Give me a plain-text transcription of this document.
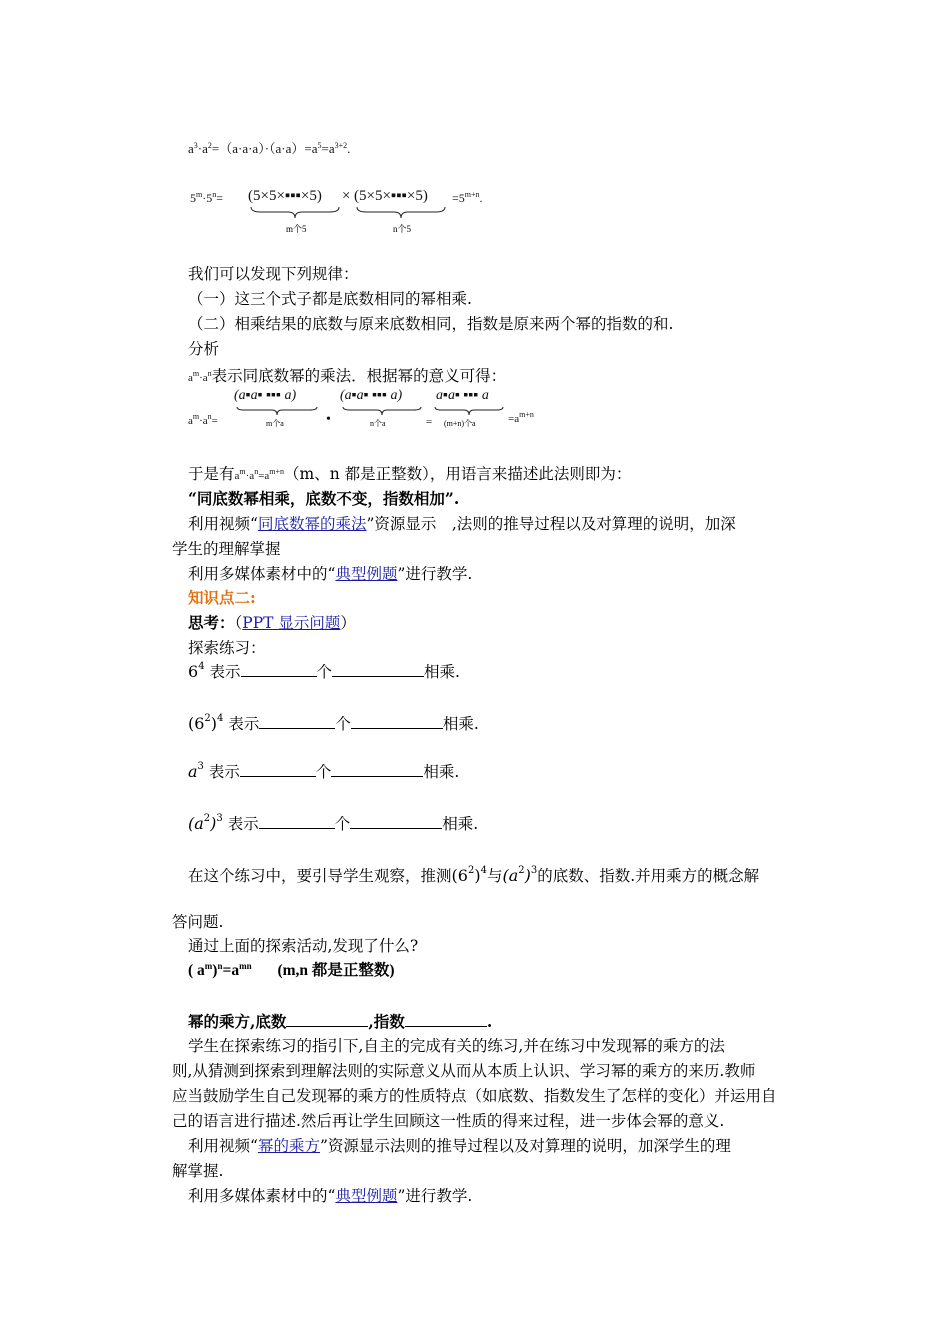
$a^3\cdot a^2=(a\cdot a\cdot a)\cdot(a\cdot a)=a^5=a^{3+2}$.
$5^m\cdot 5^n=$ (5×5×▪▪▪×5)
m个5
× (5×5×▪▪▪×5)
n个5
$=5^{m+n}$.
我们可以发现下列规律：
（一）这三个式子都是底数相同的幂相乘.
（二）相乘结果的底数与原来底数相同，指数是原来两个幂的指数的和.
分析
$a^m\cdot a^n$表示同底数幂的乘法．根据幂的意义可得：
$a^m\cdot a^n=$
(a▪a▪ ▪▪▪ a)
m个a	•
(a▪a▪ ▪▪▪ a)
n个a	=
a▪a▪ ▪▪▪ a
(m+n)个a	$=a^{m+n}$
于是有$a^m\cdot a^n=a^{m+n}(m$、n 都是正整数），用语言来描述此法则即为：
“同底数幂相乘，底数不变，指数相加”.
利用视频“同底数幂的乘法”资源显示　,法则的推导过程以及对算理的说明，加深
学生的理解掌握
利用多媒体素材中的“典型例题”进行教学.
知识点二:
思考：（PPT 显示问题）
探索练习：
$6^4$ 表示	个	相乘.
$(6^2)^4$ 表示	个	相乘.
$a^3$ 表示	个	相乘.
$(a^2)^3$ 表示	个	相乘.
在这个练习中，要引导学生观察，推测$(6^2)^4$与$(a^2)^3$的底数、指数.并用乘方的概念解
答问题.
通过上面的探索活动,发现了什么?
( $a^m)^n=a^{mn}$ (m,n 都是正整数)
幂的乘方,底数	,指数	.
学生在探索练习的指引下,自主的完成有关的练习,并在练习中发现幂的乘方的法
则,从猜测到探索到理解法则的实际意义从而从本质上认识、学习幂的乘方的来历.教师
应当鼓励学生自己发现幂的乘方的性质特点（如底数、指数发生了怎样的变化）并运用自
己的语言进行描述.然后再让学生回顾这一性质的得来过程，进一步体会幂的意义.
利用视频“幂的乘方”资源显示法则的推导过程以及对算理的说明，加深学生的理
解掌握.
利用多媒体素材中的“典型例题”进行教学.
